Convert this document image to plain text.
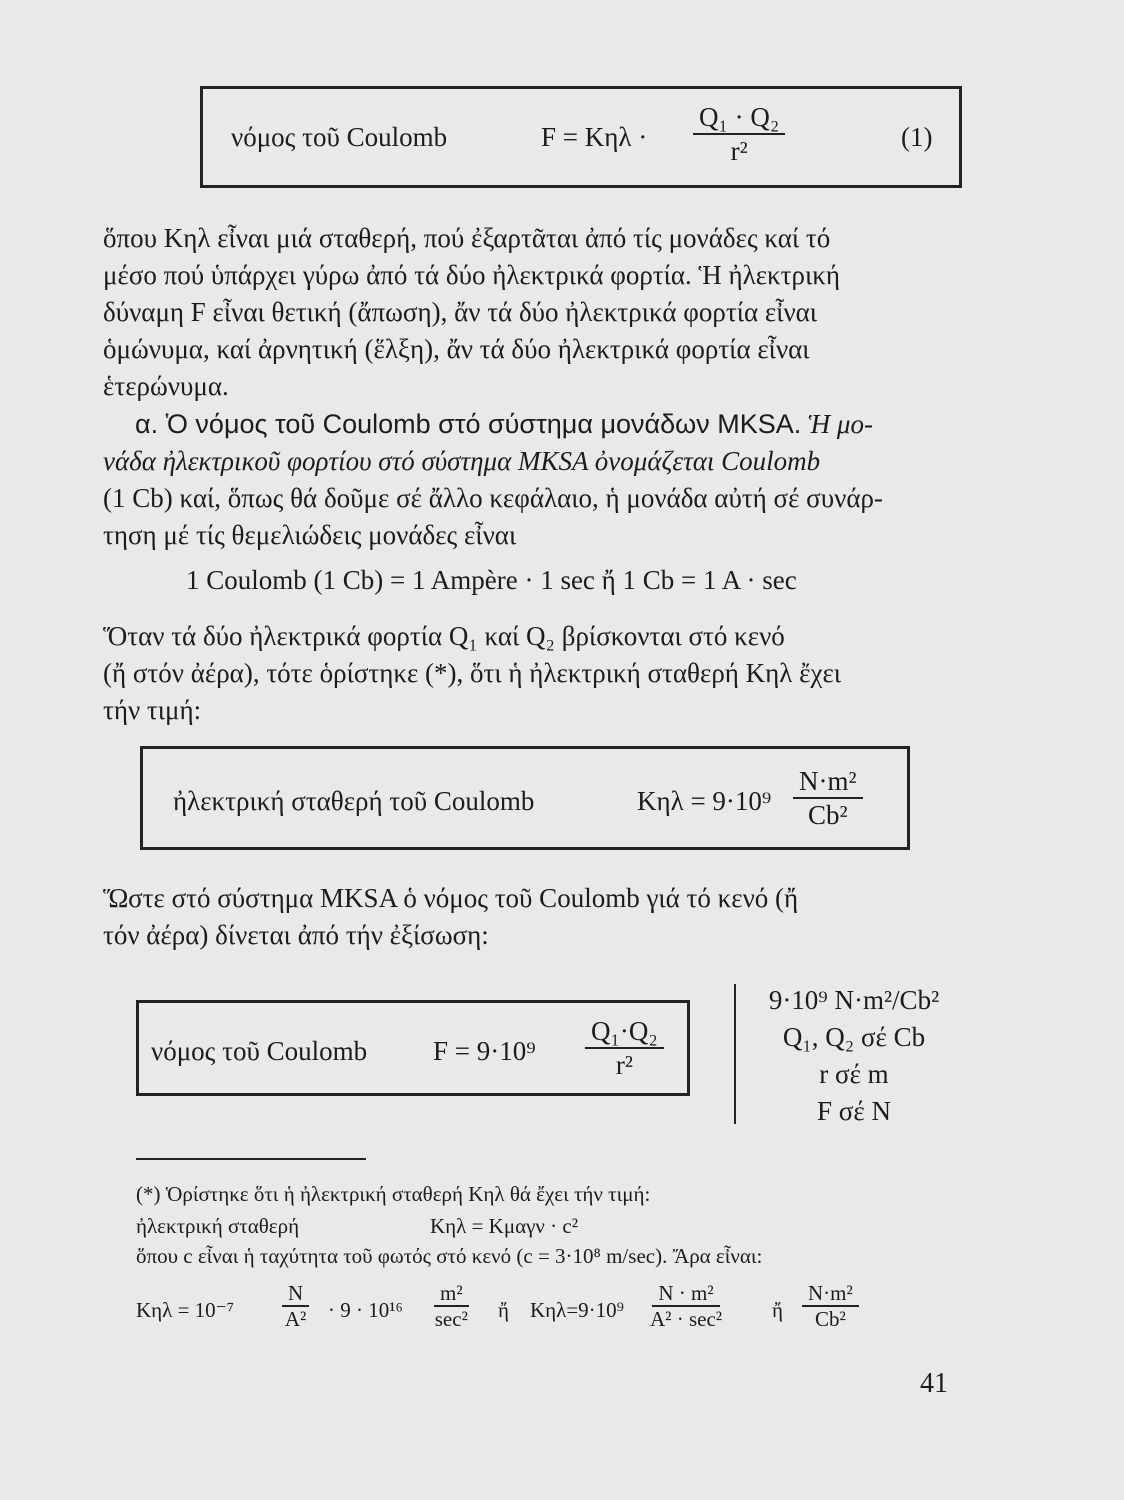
νόμος τοῦ Coulomb	$F = K\eta\lambda \cdot \frac{\text{Q₁ · Q₂}}{\text{r²}}$	(1)
ὅπου Kηλ εἶναι μιά σταθερή, πού ἐξαρτᾶται ἀπό τίς μονάδες καί τό
μέσο πού ὑπάρχει γύρω ἀπό τά δύο ἠλεκτρικά φορτία. Ἡ ἠλεκτρική
δύναμη F εἶναι θετική (ἄπωση), ἄν τά δύο ἠλεκτρικά φορτία εἶναι
ὁμώνυμα, καί ἀρνητική (ἕλξη), ἄν τά δύο ἠλεκτρικά φορτία εἶναι
ἑτερώνυμα.
α. Ὁ νόμος τοῦ Coulomb στό σύστημα μονάδων MKSA. Ἡ μο-
νάδα ἠλεκτρικοῦ φορτίου στό σύστημα MKSA ὀνομάζεται Coulomb
(1 Cb) καί, ὅπως θά δοῦμε σέ ἄλλο κεφάλαιο, ἡ μονάδα αὐτή σέ συνάρ-
τηση μέ τίς θεμελιώδεις μονάδες εἶναι
1 Coulomb (1 Cb) = 1 Ampère · 1 sec ἤ 1 Cb = 1 A · sec
Ὅταν τά δύο ἠλεκτρικά φορτία Q₁ καί Q₂ βρίσκονται στό κενό
(ἤ στόν ἀέρα), τότε ὁρίστηκε (*), ὅτι ἡ ἠλεκτρική σταθερή Kηλ ἔχει
τήν τιμή:
ἠλεκτρική σταθερή τοῦ Coulomb	$K\eta\lambda = 9\cdot 10^9 \frac{\text{N·m²}}{\text{Cb²}}$
Ὥστε στό σύστημα MKSA ὁ νόμος τοῦ Coulomb γιά τό κενό (ἤ
τόν ἀέρα) δίνεται ἀπό τήν ἐξίσωση:
νόμος τοῦ Coulomb $F = 9\cdot 10^9 \frac{\text{Q₁·Q₂}}{\text{r²}}$
9·10⁹ N·m²/Cb²
Q₁, Q₂ σέ Cb
r σέ m
F σέ N
(*) Ὁρίστηκε ὅτι ἡ ἠλεκτρική σταθερή Kηλ θά ἔχει τήν τιμή:
ἠλεκτρική σταθερή	Kηλ = Kμαγν · c²
ὅπου c εἶναι ἡ ταχύτητα τοῦ φωτός στό κενό (c = 3·10⁸ m/sec). Ἄρα εἶναι:
$K\eta\lambda = 10^{-7} \frac{N}{\text{A²}} \cdot 9 \cdot 10^{16}$
m²
sec² ἤ Kηλ=9·10⁹
N · m²
A² · sec² ἤ $\frac{\text{N·m²}}{\text{Cb²}}$
41
